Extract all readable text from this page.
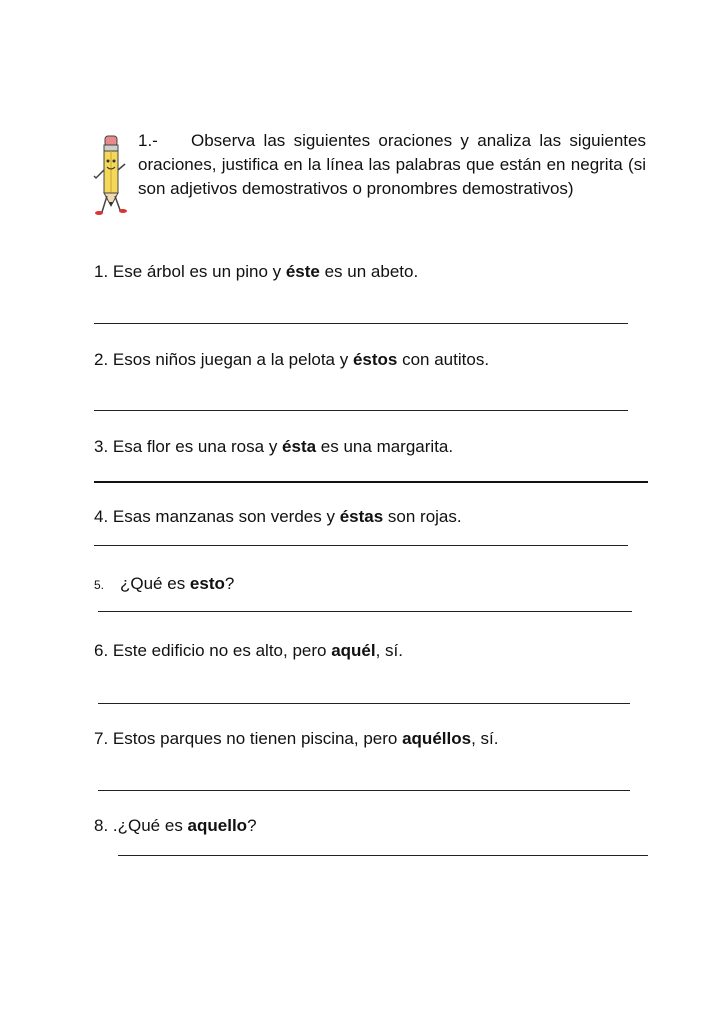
1.- Observa las siguientes oraciones y analiza las siguientes oraciones, justifica en la línea las palabras que están en negrita (si son adjetivos demostrativos o pronombres demostrativos)
1. Ese árbol es un pino y éste es un abeto.
2. Esos niños juegan a la pelota y éstos con autitos.
3. Esa flor es una rosa y ésta es una margarita.
4. Esas manzanas son verdes y éstas son rojas.
5. ¿Qué es esto?
6. Este edificio no es alto, pero aquél, sí.
7. Estos parques no tienen piscina, pero aquéllos, sí.
8. .¿Qué es aquello?
